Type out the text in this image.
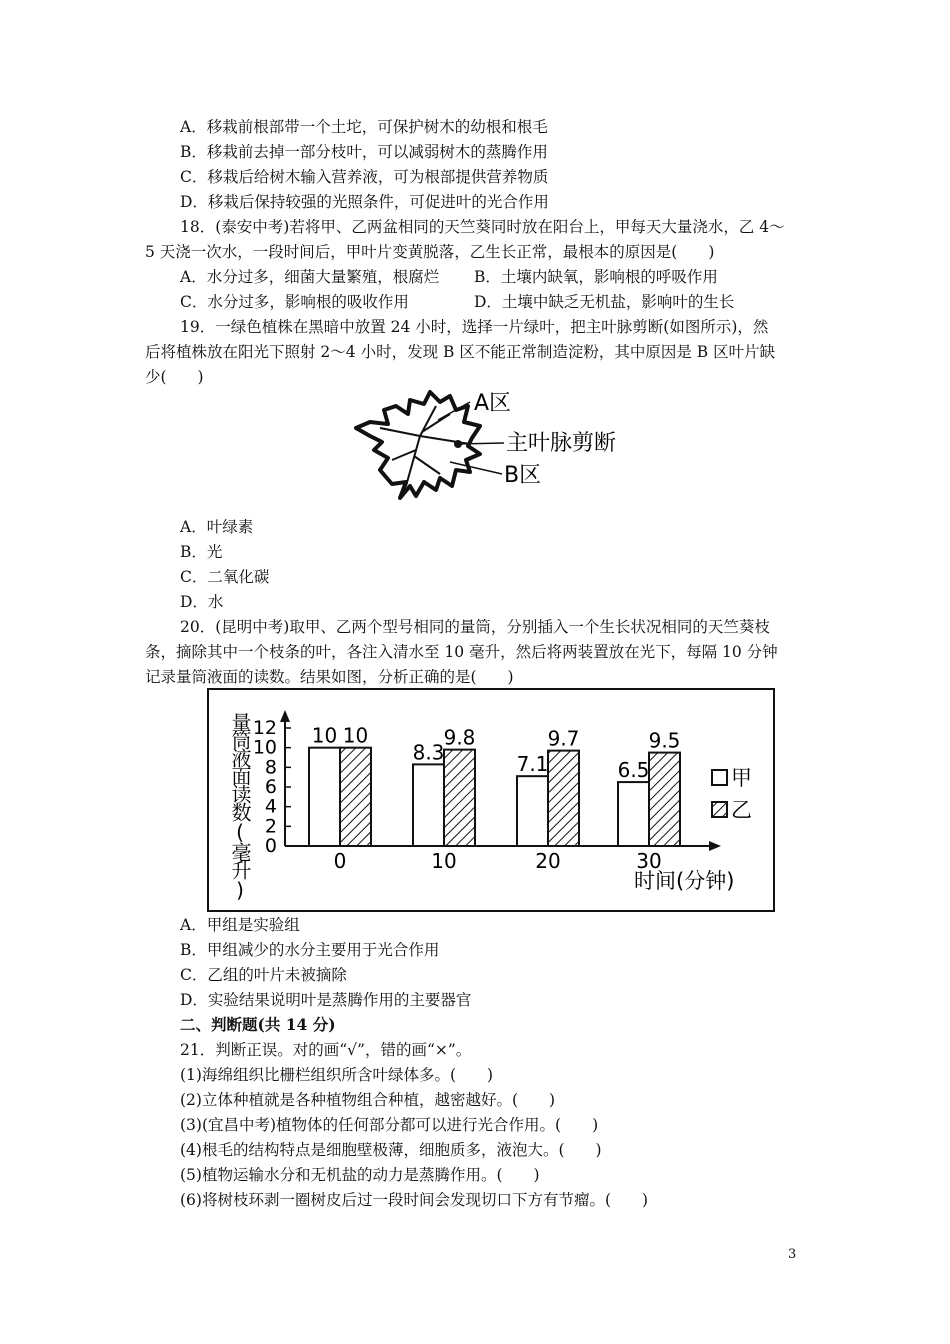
A．移栽前根部带一个土坨，可保护树木的幼根和根毛
B．移栽前去掉一部分枝叶，可以减弱树木的蒸腾作用
C．移栽后给树木输入营养液，可为根部提供营养物质
D．移栽后保持较强的光照条件，可促进叶的光合作用
18．(泰安中考)若将甲、乙两盆相同的天竺葵同时放在阳台上，甲每天大量浇水，乙 4～
5 天浇一次水，一段时间后，甲叶片变黄脱落，乙生长正常，最根本的原因是(　　)
A．水分过多，细菌大量繁殖，根腐烂 B．土壤内缺氧，影响根的呼吸作用
C．水分过多，影响根的吸收作用	D．土壤中缺乏无机盐，影响叶的生长
19．一绿色植株在黑暗中放置 24 小时，选择一片绿叶，把主叶脉剪断(如图所示)，然
后将植株放在阳光下照射 2～4 小时，发现 B 区不能正常制造淀粉，其中原因是 B 区叶片缺
少(　　)
A区
主叶脉剪断
B区
A．叶绿素
B．光
C．二氧化碳
D．水
20．(昆明中考)取甲、乙两个型号相同的量筒，分别插入一个生长状况相同的天竺葵枝
条，摘除其中一个枝条的叶，各注入清水至 10 毫升，然后将两装置放在光下，每隔 10 分钟
记录量筒液面的读数。结果如图，分析正确的是(　　)
量筒液面读数(毫升) 0
2
4
6
8
10
12 10 10
0
8.3
9.8
10
7.1
9.7
20
6.5
9.5
30
甲
乙
时间(分钟)
A．甲组是实验组
B．甲组减少的水分主要用于光合作用
C．乙组的叶片未被摘除
D．实验结果说明叶是蒸腾作用的主要器官
二、判断题(共 14 分)
21．判断正误。对的画“√”，错的画“×”。
(1)海绵组织比栅栏组织所含叶绿体多。(　　)
(2)立体种植就是各种植物组合种植，越密越好。(　　)
(3)(宜昌中考)植物体的任何部分都可以进行光合作用。(　　)
(4)根毛的结构特点是细胞壁极薄，细胞质多，液泡大。(　　)
(5)植物运输水分和无机盐的动力是蒸腾作用。(　　)
(6)将树枝环剥一圈树皮后过一段时间会发现切口下方有节瘤。(　　)
3
